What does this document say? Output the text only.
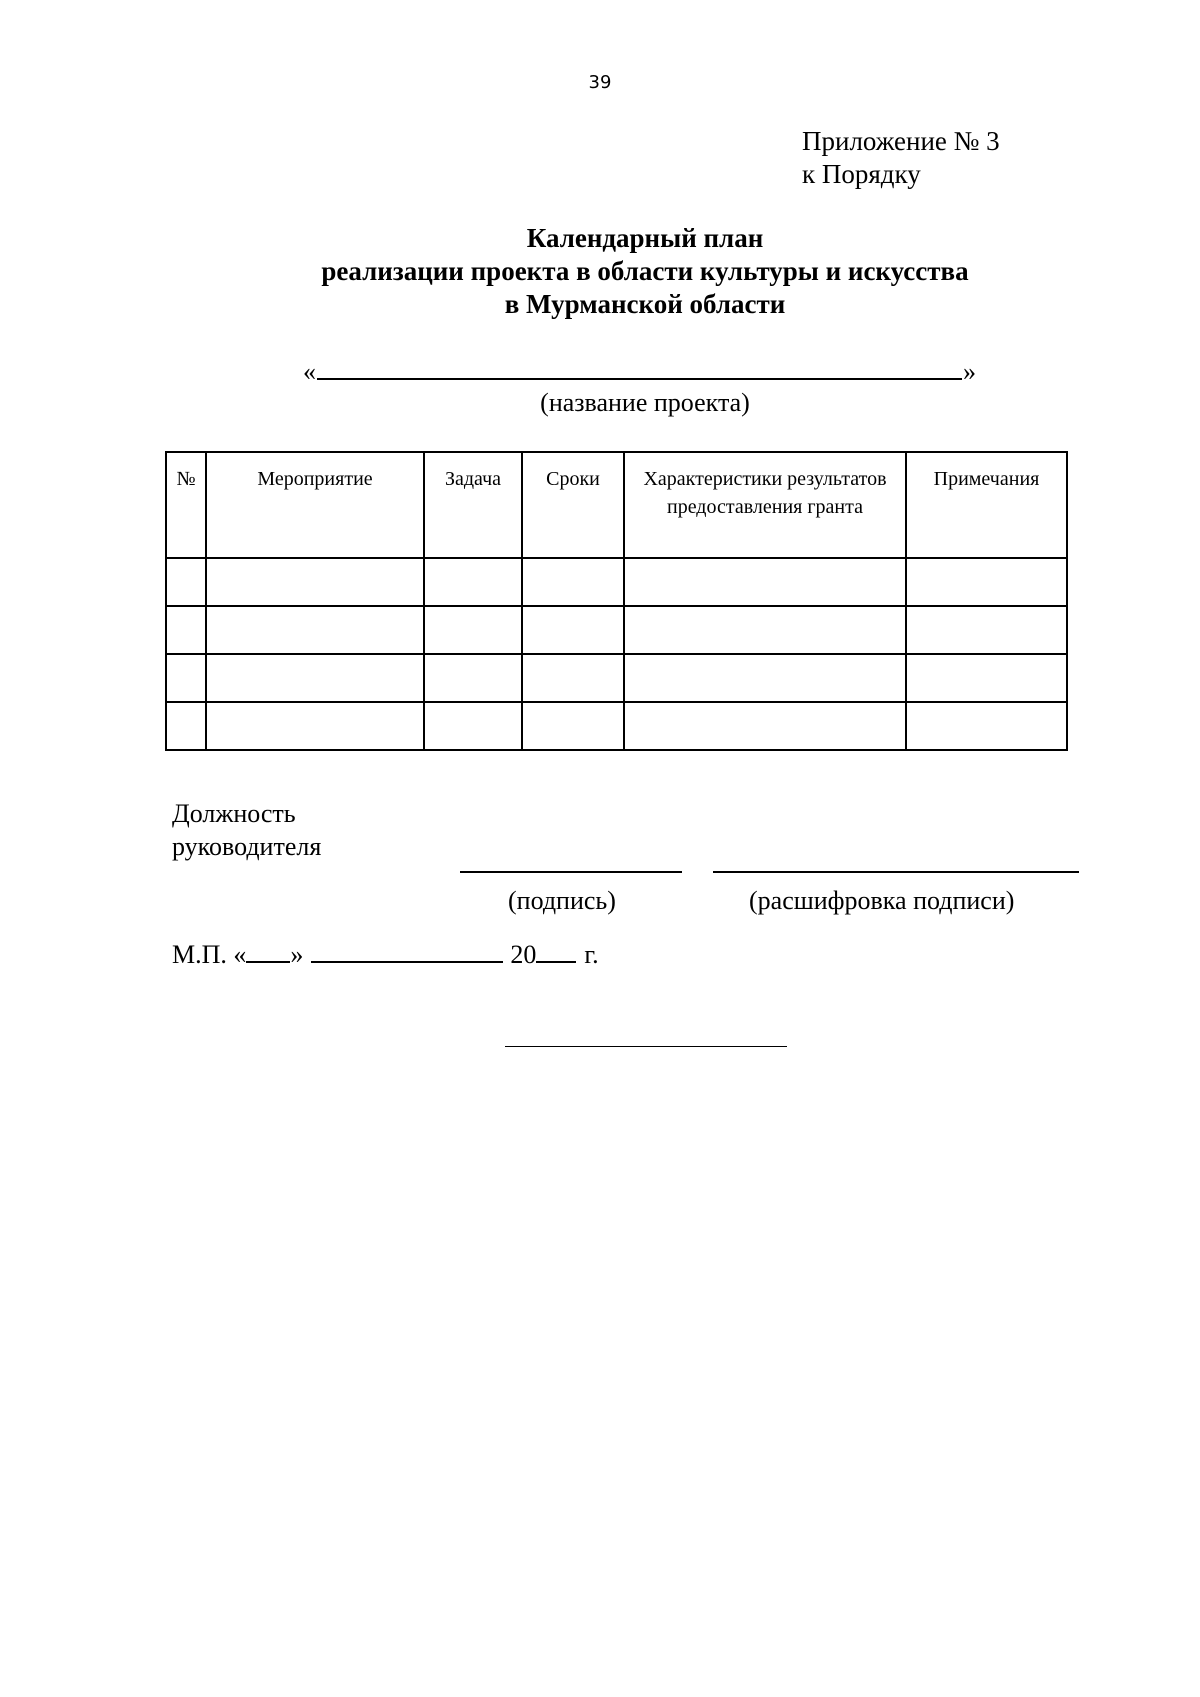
39
Приложение № 3
к Порядку
Календарный план
реализации проекта в области культуры и искусства
в Мурманской области
«	»
(название проекта)
№	Мероприятие	Задача	Сроки	Характеристики результатов предоставления гранта	Примечания

Должность
руководителя
(подпись)	(расшифровка подписи)
М.П. « »	20 г.
